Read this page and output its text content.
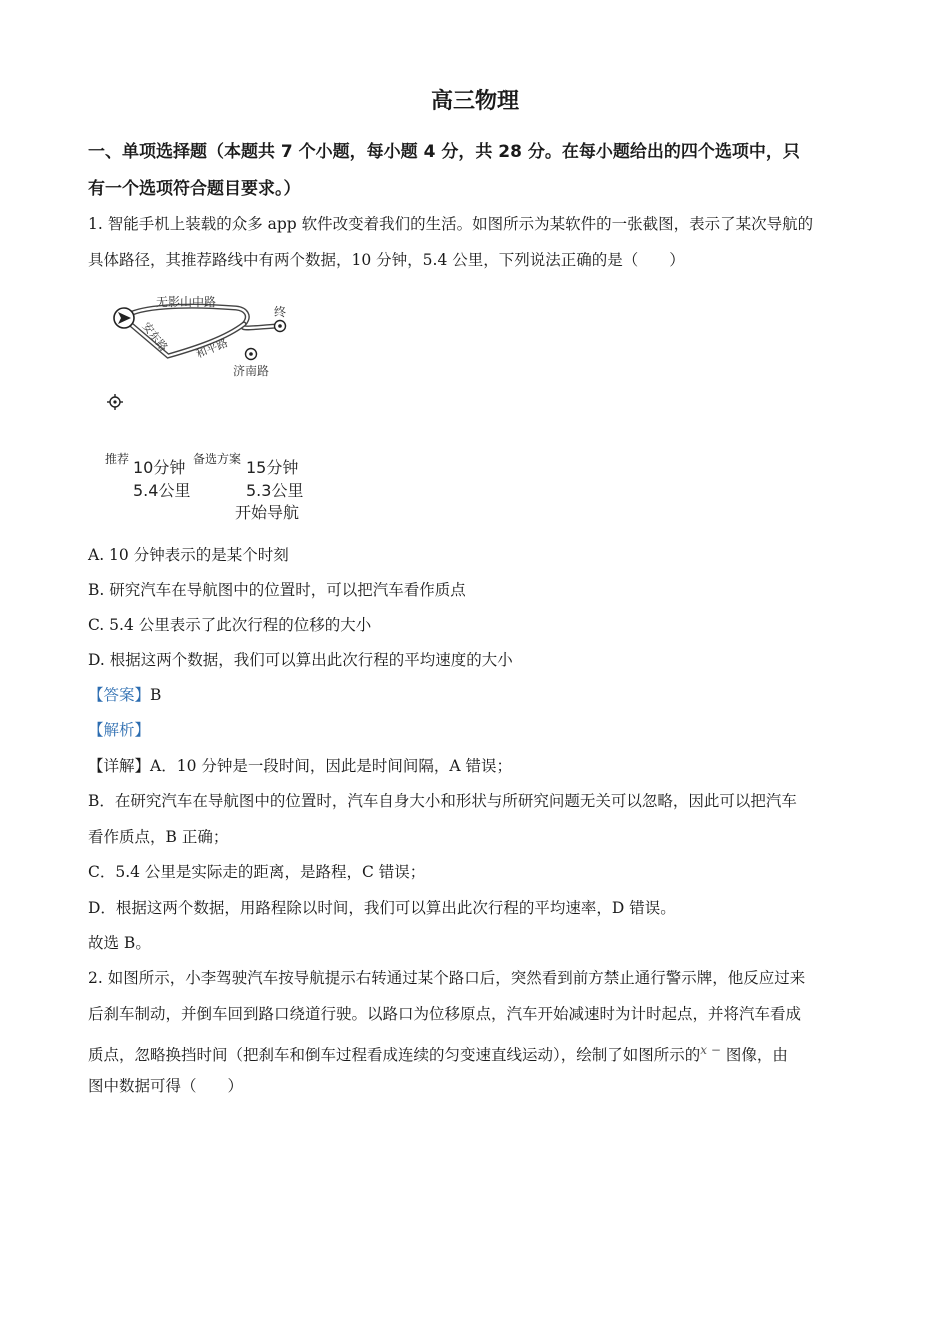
高三物理
一、单项选择题（本题共 7 个小题，每小题 4 分，共 28 分。在每小题给出的四个选项中，只
有一个选项符合题目要求。）
1. 智能手机上装载的众多 app 软件改变着我们的生活。如图所示为某软件的一张截图，表示了某次导航的
具体路径，其推荐路线中有两个数据，10 分钟，5.4 公里，下列说法正确的是（　　）
无影山中路
终
安东路 和平路
济南路
推荐 10分钟 备选方案 15分钟
5.4公里	5.3公里
开始导航
A. 10 分钟表示的是某个时刻
B. 研究汽车在导航图中的位置时，可以把汽车看作质点
C. 5.4 公里表示了此次行程的位移的大小
D. 根据这两个数据，我们可以算出此次行程的平均速度的大小
【答案】B
【解析】
【详解】A．10 分钟是一段时间，因此是时间间隔，A 错误；
B．在研究汽车在导航图中的位置时，汽车自身大小和形状与所研究问题无关可以忽略，因此可以把汽车
看作质点，B 正确；
C．5.4 公里是实际走的距离，是路程，C 错误；
D．根据这两个数据，用路程除以时间，我们可以算出此次行程的平均速率，D 错误。
故选 B。
2. 如图所示，小李驾驶汽车按导航提示右转通过某个路口后，突然看到前方禁止通行警示牌，他反应过来
后刹车制动，并倒车回到路口绕道行驶。以路口为位移原点，汽车开始减速时为计时起点，并将汽车看成
质点，忽略换挡时间（把刹车和倒车过程看成连续的匀变速直线运动），绘制了如图所示的$^{x -}$ 图像，由
图中数据可得（　　）
